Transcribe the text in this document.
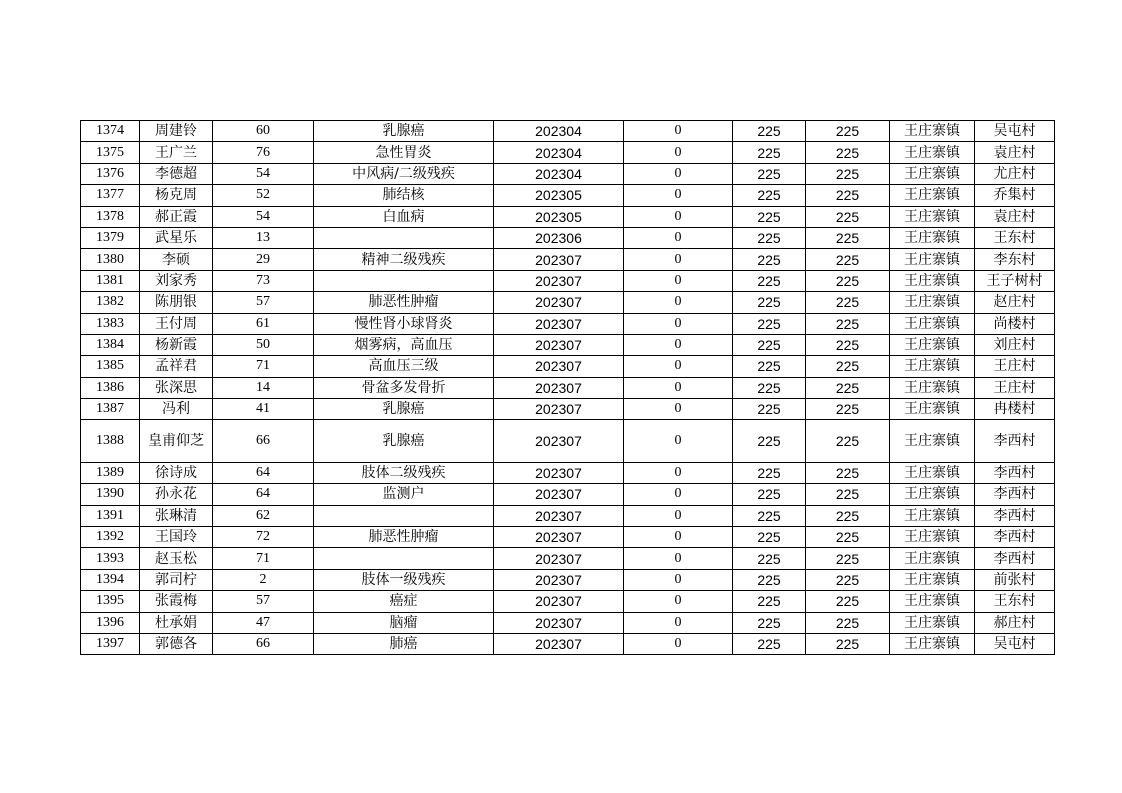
1374	周建铃	60	乳腺癌	202304	0	225	225	王庄寨镇	吴屯村
1375	王广兰	76	急性胃炎	202304	0	225	225	王庄寨镇	袁庄村
1376	李德超	54	中风病/二级残疾	202304	0	225	225	王庄寨镇	尤庄村
1377	杨克周	52	肺结核	202305	0	225	225	王庄寨镇	乔集村
1378	郝正霞	54	白血病	202305	0	225	225	王庄寨镇	袁庄村
1379	武星乐	13		202306	0	225	225	王庄寨镇	王东村
1380	李硕	29	精神二级残疾	202307	0	225	225	王庄寨镇	李东村
1381	刘家秀	73		202307	0	225	225	王庄寨镇	王子树村
1382	陈朋银	57	肺恶性肿瘤	202307	0	225	225	王庄寨镇	赵庄村
1383	王付周	61	慢性肾小球肾炎	202307	0	225	225	王庄寨镇	尚楼村
1384	杨新霞	50	烟雾病，高血压	202307	0	225	225	王庄寨镇	刘庄村
1385	孟祥君	71	高血压三级	202307	0	225	225	王庄寨镇	王庄村
1386	张深思	14	骨盆多发骨折	202307	0	225	225	王庄寨镇	王庄村
1387	冯利	41	乳腺癌	202307	0	225	225	王庄寨镇	冉楼村
1388	皇甫仰芝	66	乳腺癌	202307	0	225	225	王庄寨镇	李西村
1389	徐诗成	64	肢体二级残疾	202307	0	225	225	王庄寨镇	李西村
1390	孙永花	64	监测户	202307	0	225	225	王庄寨镇	李西村
1391	张琳清	62		202307	0	225	225	王庄寨镇	李西村
1392	王国玲	72	肺恶性肿瘤	202307	0	225	225	王庄寨镇	李西村
1393	赵玉松	71		202307	0	225	225	王庄寨镇	李西村
1394	郭司柠	2	肢体一级残疾	202307	0	225	225	王庄寨镇	前张村
1395	张霞梅	57	癌症	202307	0	225	225	王庄寨镇	王东村
1396	杜承娟	47	脑瘤	202307	0	225	225	王庄寨镇	郝庄村
1397	郭德各	66	肺癌	202307	0	225	225	王庄寨镇	吴屯村
